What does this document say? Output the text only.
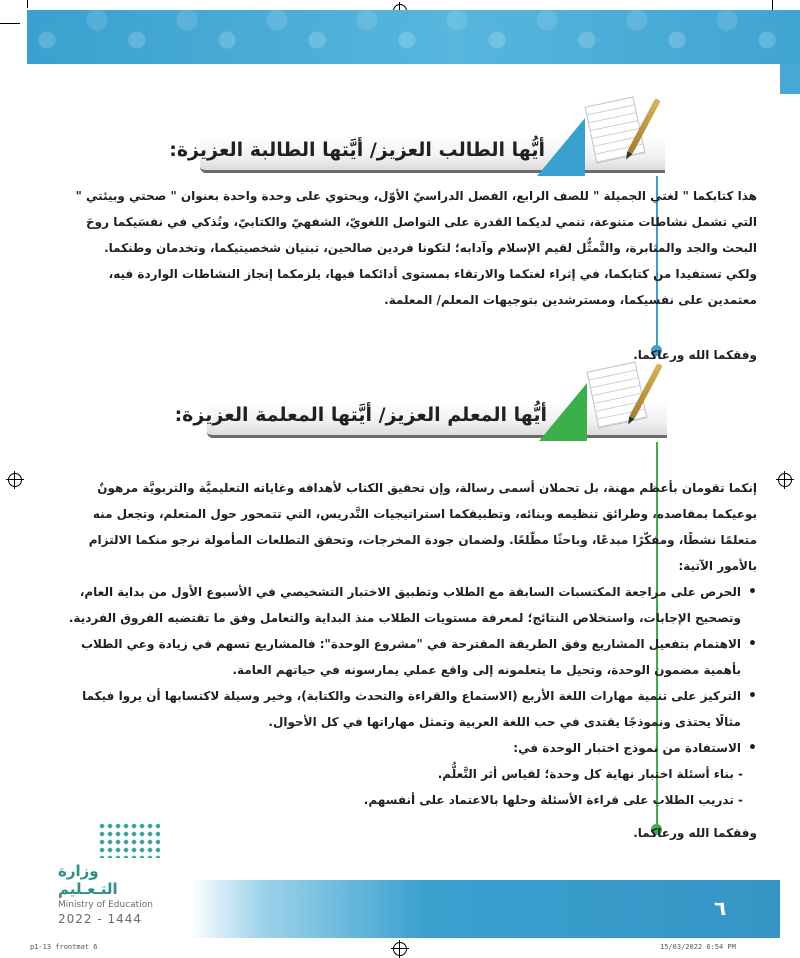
أيُّها الطالب العزيز/ أيَّتها الطالبة العزيزة:

هذا كتابكما " لغتي الجميلة " للصف الرابع، الفصل الدراسيّ الأوّل، ويحتوي على وحدة واحدة بعنوان " صحتي وبيئتي " التي تشمل نشاطات متنوعة، تنمي لديكما القدرة على التواصل اللغويّ، الشفهيّ والكتابيّ، وتُذكي في نفسَيكما روحَ البحث والجد والمثابرة، والتَّمثُّل لقيم الإسلام وآدابه؛ لتكونا فردين صالحين، تبنيان شخصيتيكما، وتخدمان وطنكما.

ولكي تستفيدا من كتابكما، في إثراء لغتكما والارتقاء بمستوى أدائكما فيها، يلزمكما إنجاز النشاطات الواردة فيه، معتمدين على نفسيكما، ومسترشدين بتوجيهات المعلم/ المعلمة.

وفقكما الله ورعاكما.
أيُّها المعلم العزيز/ أيَّتها المعلمة العزيزة:

إنكما تقومان بأعظم مهنة، بل تحملان أسمى رسالة، وإن تحقيق الكتاب لأهدافه وغاياته التعليميَّة والتربويَّة مرهونٌ بوعيكما بمقاصده، وطرائق تنظيمه وبنائه، وتطبيقكما استراتيجيات التَّدريس، التي تتمحور حول المتعلم، وتجعل منه متعلمًا نشطًا، ومفكّرًا مبدعًا، وباحثًا مطّلعًا. ولضمان جودة المخرجات، وتحقق التطلعات المأمولة نرجو منكما الالتزام بالأمور الآتية:

• الحرص على مراجعة المكتسبات السابقة مع الطلاب وتطبيق الاختبار التشخيصي في الأسبوع الأول من بداية العام، وتصحيح الإجابات، واستخلاص النتائج؛ لمعرفة مستويات الطلاب منذ البداية والتعامل وفق ما تقتضيه الفروق الفردية.
• الاهتمام بتفعيل المشاريع وفق الطريقة المقترحة في "مشروع الوحدة": فالمشاريع تسهم في زيادة وعي الطلاب بأهمية مضمون الوحدة، وتحيل ما يتعلمونه إلى واقع عملي يمارسونه في حياتهم العامة.
• التركيز على تنمية مهارات اللغة الأربع (الاستماع والقراءة والتحدث والكتابة)، وخير وسيلة لاكتسابها أن يروا فيكما مثالًا يحتذى ونموذجًا يقتدى في حب اللغة العربية وتمثل مهاراتها في كل الأحوال.
• الاستفادة من نموذج اختبار الوحدة في:

- بناء أسئلة اختبار نهاية كل وحدة؛ لقياس أثر التَّعلُّم.

- تدريب الطلاب على قراءة الأسئلة وحلها بالاعتماد على أنفسهم.

وفقكما الله ورعاكما.
وزارة التـعـليم
Ministry of Education
2022 - 1444	٦
p1-13 frontmat 6	15/03/2022 6:54 PM
